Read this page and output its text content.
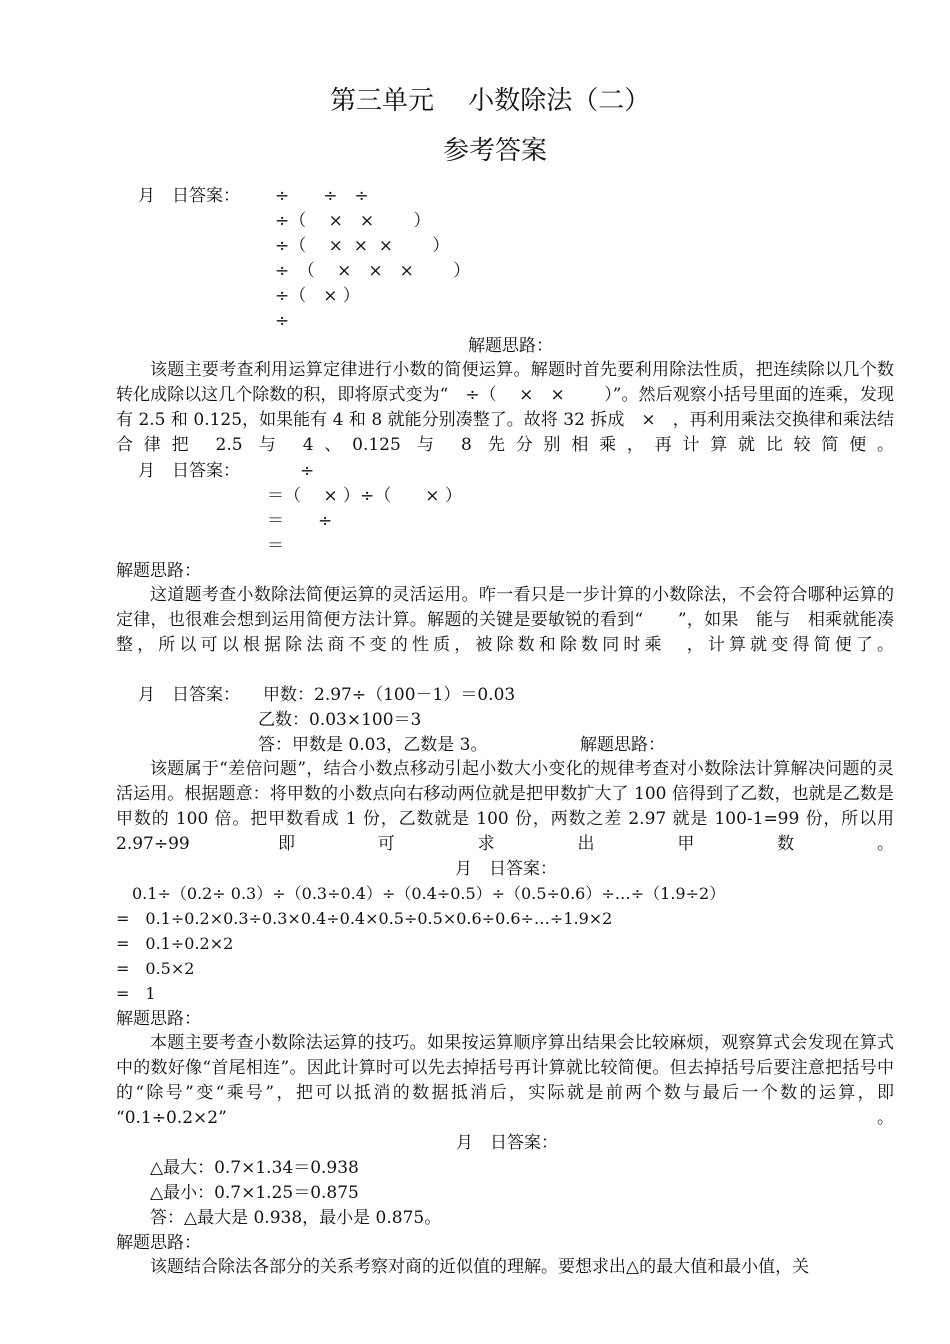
第三单元　 小数除法（二）
参考答案
月　日答案： ÷　　÷　÷
÷（　 ×　×　　 ）
÷（　 ×  ×  ×　　 ）
÷　（　 ×　×　×　　 ）
÷（　× ）
÷
解题思路：
该题主要考查利用运算定律进行小数的简便运算。解题时首先要利用除法性质，把连续除以几个数转化成除以这几个除数的积，即将原式变为“　÷（　 ×　×　　 ）”。然后观察小括号里面的连乘，发现有 2.5 和 0.125，如果能有 4 和 8 就能分别凑整了。故将 32 拆成　×　，再利用乘法交换律和乘法结合律把 2.5 与 4、0.125 与 8 先分别相乘，再计算就比较简便。
月　日答案：	÷
＝（　 × ）÷（　　× ）
＝　　÷
＝
解题思路：
这道题考查小数除法简便运算的灵活运用。咋一看只是一步计算的小数除法，不会符合哪种运算的定律，也很难会想到运用简便方法计算。解题的关键是要敏锐的看到“　　”，如果　能与　相乘就能凑整，所以可以根据除法商不变的性质，被除数和除数同时乘　，计算就变得简便了。
月　日答案： 甲数：2.97÷（100－1）＝0.03
乙数：0.03×100＝3
答：甲数是 0.03，乙数是 3。	解题思路：
该题属于“差倍问题”，结合小数点移动引起小数大小变化的规律考查对小数除法计算解决问题的灵活运用。根据题意：将甲数的小数点向右移动两位就是把甲数扩大了 100 倍得到了乙数，也就是乙数是甲数的 100 倍。把甲数看成 1 份，乙数就是 100 份，两数之差 2.97 就是 100-1=99 份，所以用 2.97÷99 即可求出甲数。
月　日答案：
0.1÷（0.2÷ 0.3）÷（0.3÷0.4）÷（0.4÷0.5）÷（0.5÷0.6）÷…÷（1.9÷2）
=　0.1÷0.2×0.3÷0.3×0.4÷0.4×0.5÷0.5×0.6÷0.6÷…÷1.9×2
=　0.1÷0.2×2
=　0.5×2
=　1
解题思路：
本题主要考查小数除法运算的技巧。如果按运算顺序算出结果会比较麻烦，观察算式会发现在算式中的数好像“首尾相连”。因此计算时可以先去掉括号再计算就比较简便。但去掉括号后要注意把括号中的“除号”变“乘号”，把可以抵消的数据抵消后，实际就是前两个数与最后一个数的运算，即 “0.1÷0.2×2”。
月　日答案：
△最大：0.7×1.34＝0.938
△最小：0.7×1.25＝0.875
答：△最大是 0.938，最小是 0.875。
解题思路：
该题结合除法各部分的关系考察对商的近似值的理解。要想求出△的最大值和最小值，关
